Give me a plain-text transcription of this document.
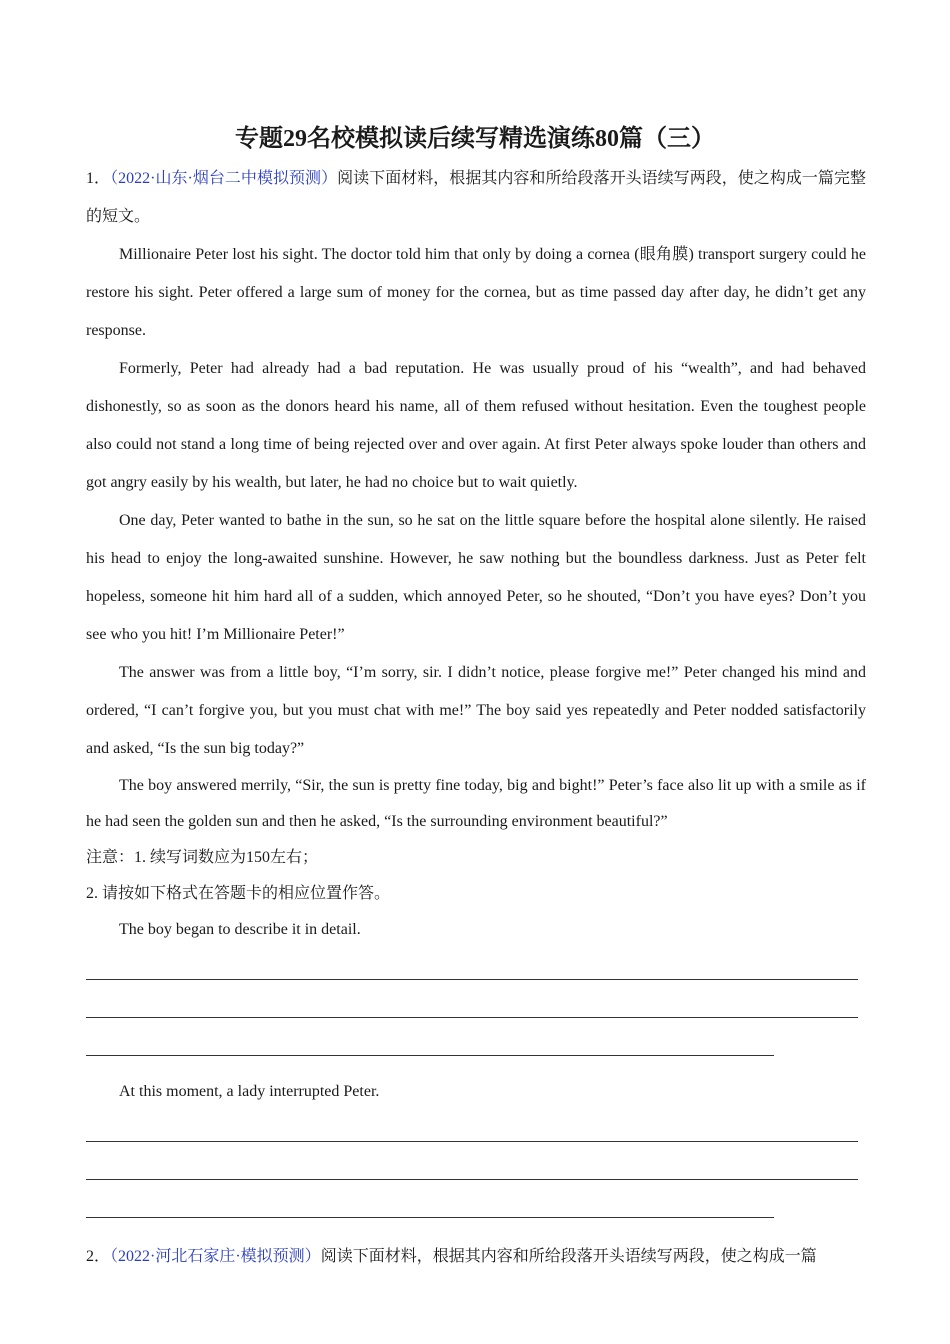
专题29名校模拟读后续写精选演练80篇（三）

1．（2022·山东·烟台二中模拟预测）阅读下面材料，根据其内容和所给段落开头语续写两段，使之构成一篇完整的短文。

Millionaire Peter lost his sight. The doctor told him that only by doing a cornea (眼角膜) transport surgery could he restore his sight. Peter offered a large sum of money for the cornea, but as time passed day after day, he didn’t get any response.

Formerly, Peter had already had a bad reputation. He was usually proud of his “wealth”, and had behaved dishonestly, so as soon as the donors heard his name, all of them refused without hesitation. Even the toughest people also could not stand a long time of being rejected over and over again. At first Peter always spoke louder than others and got angry easily by his wealth, but later, he had no choice but to wait quietly.

One day, Peter wanted to bathe in the sun, so he sat on the little square before the hospital alone silently. He raised his head to enjoy the long-awaited sunshine. However, he saw nothing but the boundless darkness. Just as Peter felt hopeless, someone hit him hard all of a sudden, which annoyed Peter, so he shouted, “Don’t you have eyes? Don’t you see who you hit! I’m Millionaire Peter!”

The answer was from a little boy, “I’m sorry, sir. I didn’t notice, please forgive me!” Peter changed his mind and ordered, “I can’t forgive you, but you must chat with me!” The boy said yes repeatedly and Peter nodded satisfactorily and asked, “Is the sun big today?”

The boy answered merrily, “Sir, the sun is pretty fine today, big and bight!” Peter’s face also lit up with a smile as if he had seen the golden sun and then he asked, “Is the surrounding environment beautiful?”

注意：1. 续写词数应为150左右；

2. 请按如下格式在答题卡的相应位置作答。

The boy began to describe it in detail.

At this moment, a lady interrupted Peter.

2．（2022·河北石家庄·模拟预测）阅读下面材料，根据其内容和所给段落开头语续写两段，使之构成一篇
